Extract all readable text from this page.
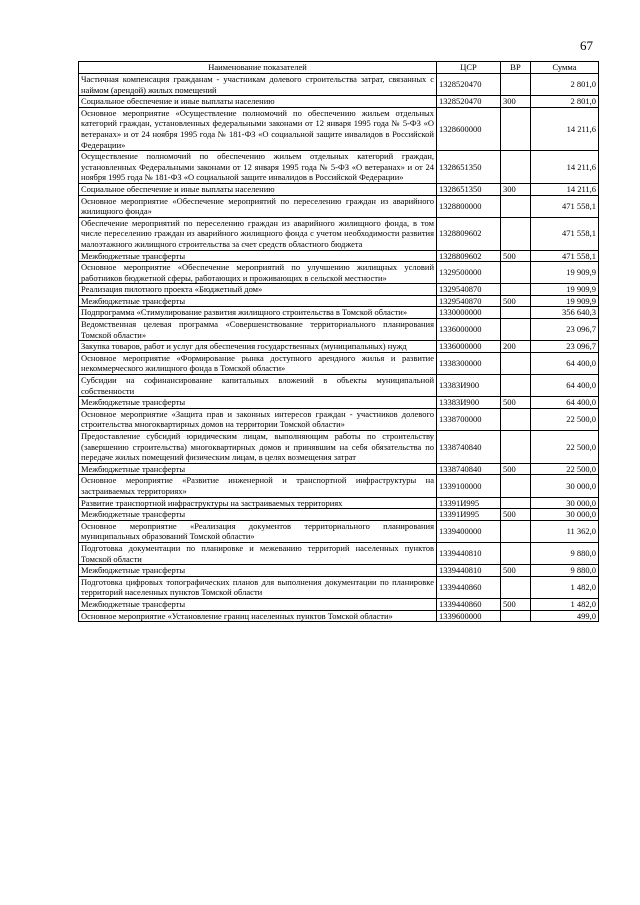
67
Наименование показателей	ЦСР	ВР	Сумма
Частичная компенсация гражданам - участникам долевого строительства затрат, связанных с наймом (арендой) жилых помещений	1328520470		2 801,0
Социальное обеспечение и иные выплаты населению	1328520470	300	2 801,0
Основное мероприятие «Осуществление полномочий по обеспечению жильем отдельных категорий граждан, установленных федеральными законами от 12 января 1995 года № 5-ФЗ «О ветеранах» и от 24 ноября 1995 года № 181-ФЗ «О социальной защите инвалидов в Российской Федерации»	1328600000		14 211,6
Осуществление полномочий по обеспечению жильем отдельных категорий граждан, установленных Федеральными законами от 12 января 1995 года № 5-ФЗ «О ветеранах» и от 24 ноября 1995 года № 181-ФЗ «О социальной защите инвалидов в Российской Федерации»	1328651350		14 211,6
Социальное обеспечение и иные выплаты населению	1328651350	300	14 211,6
Основное мероприятие «Обеспечение мероприятий по переселению граждан из аварийного жилищного фонда»	1328800000		471 558,1
Обеспечение мероприятий по переселению граждан из аварийного жилищного фонда, в том числе переселению граждан из аварийного жилищного фонда с учетом необходимости развития малоэтажного жилищного строительства за счет средств областного бюджета	1328809602		471 558,1
Межбюджетные трансферты	1328809602	500	471 558,1
Основное мероприятие «Обеспечение мероприятий по улучшению жилищных условий работников бюджетной сферы, работающих и проживающих в сельской местности»	1329500000		19 909,9
Реализация пилотного проекта «Бюджетный дом»	1329540870		19 909,9
Межбюджетные трансферты	1329540870	500	19 909,9
Подпрограмма «Стимулирование развития жилищного строительства в Томской области»	1330000000		356 640,3
Ведомственная целевая программа «Совершенствование территориального планирования Томской области»	1336000000		23 096,7
Закупка товаров, работ и услуг для обеспечения государственных (муниципальных) нужд	1336000000	200	23 096,7
Основное мероприятие «Формирование рынка доступного арендного жилья и развитие некоммерческого жилищного фонда в Томской области»	1338300000		64 400,0
Субсидии на софинансирование капитальных вложений в объекты муниципальной собственности	13383И900		64 400,0
Межбюджетные трансферты	13383И900	500	64 400,0
Основное мероприятие «Защита прав и законных интересов граждан - участников долевого строительства многоквартирных домов на территории Томской области»	1338700000		22 500,0
Предоставление субсидий юридическим лицам, выполняющим работы по строительству (завершению строительства) многоквартирных домов и принявшим на себя обязательства по передаче жилых помещений физическим лицам, в целях возмещения затрат	1338740840		22 500,0
Межбюджетные трансферты	1338740840	500	22 500,0
Основное мероприятие «Развитие инженерной и транспортной инфраструктуры на застраиваемых территориях»	1339100000		30 000,0
Развитие транспортной инфраструктуры на застраиваемых территориях	13391И995		30 000,0
Межбюджетные трансферты	13391И995	500	30 000,0
Основное мероприятие «Реализация документов территориального планирования муниципальных образований Томской области»	1339400000		11 362,0
Подготовка документации по планировке и межеванию территорий населенных пунктов Томской области	1339440810		9 880,0
Межбюджетные трансферты	1339440810	500	9 880,0
Подготовка цифровых топографических планов для выполнения документации по планировке территорий населенных пунктов Томской области	1339440860		1 482,0
Межбюджетные трансферты	1339440860	500	1 482,0
Основное мероприятие «Установление границ населенных пунктов Томской области»	1339600000		499,0
